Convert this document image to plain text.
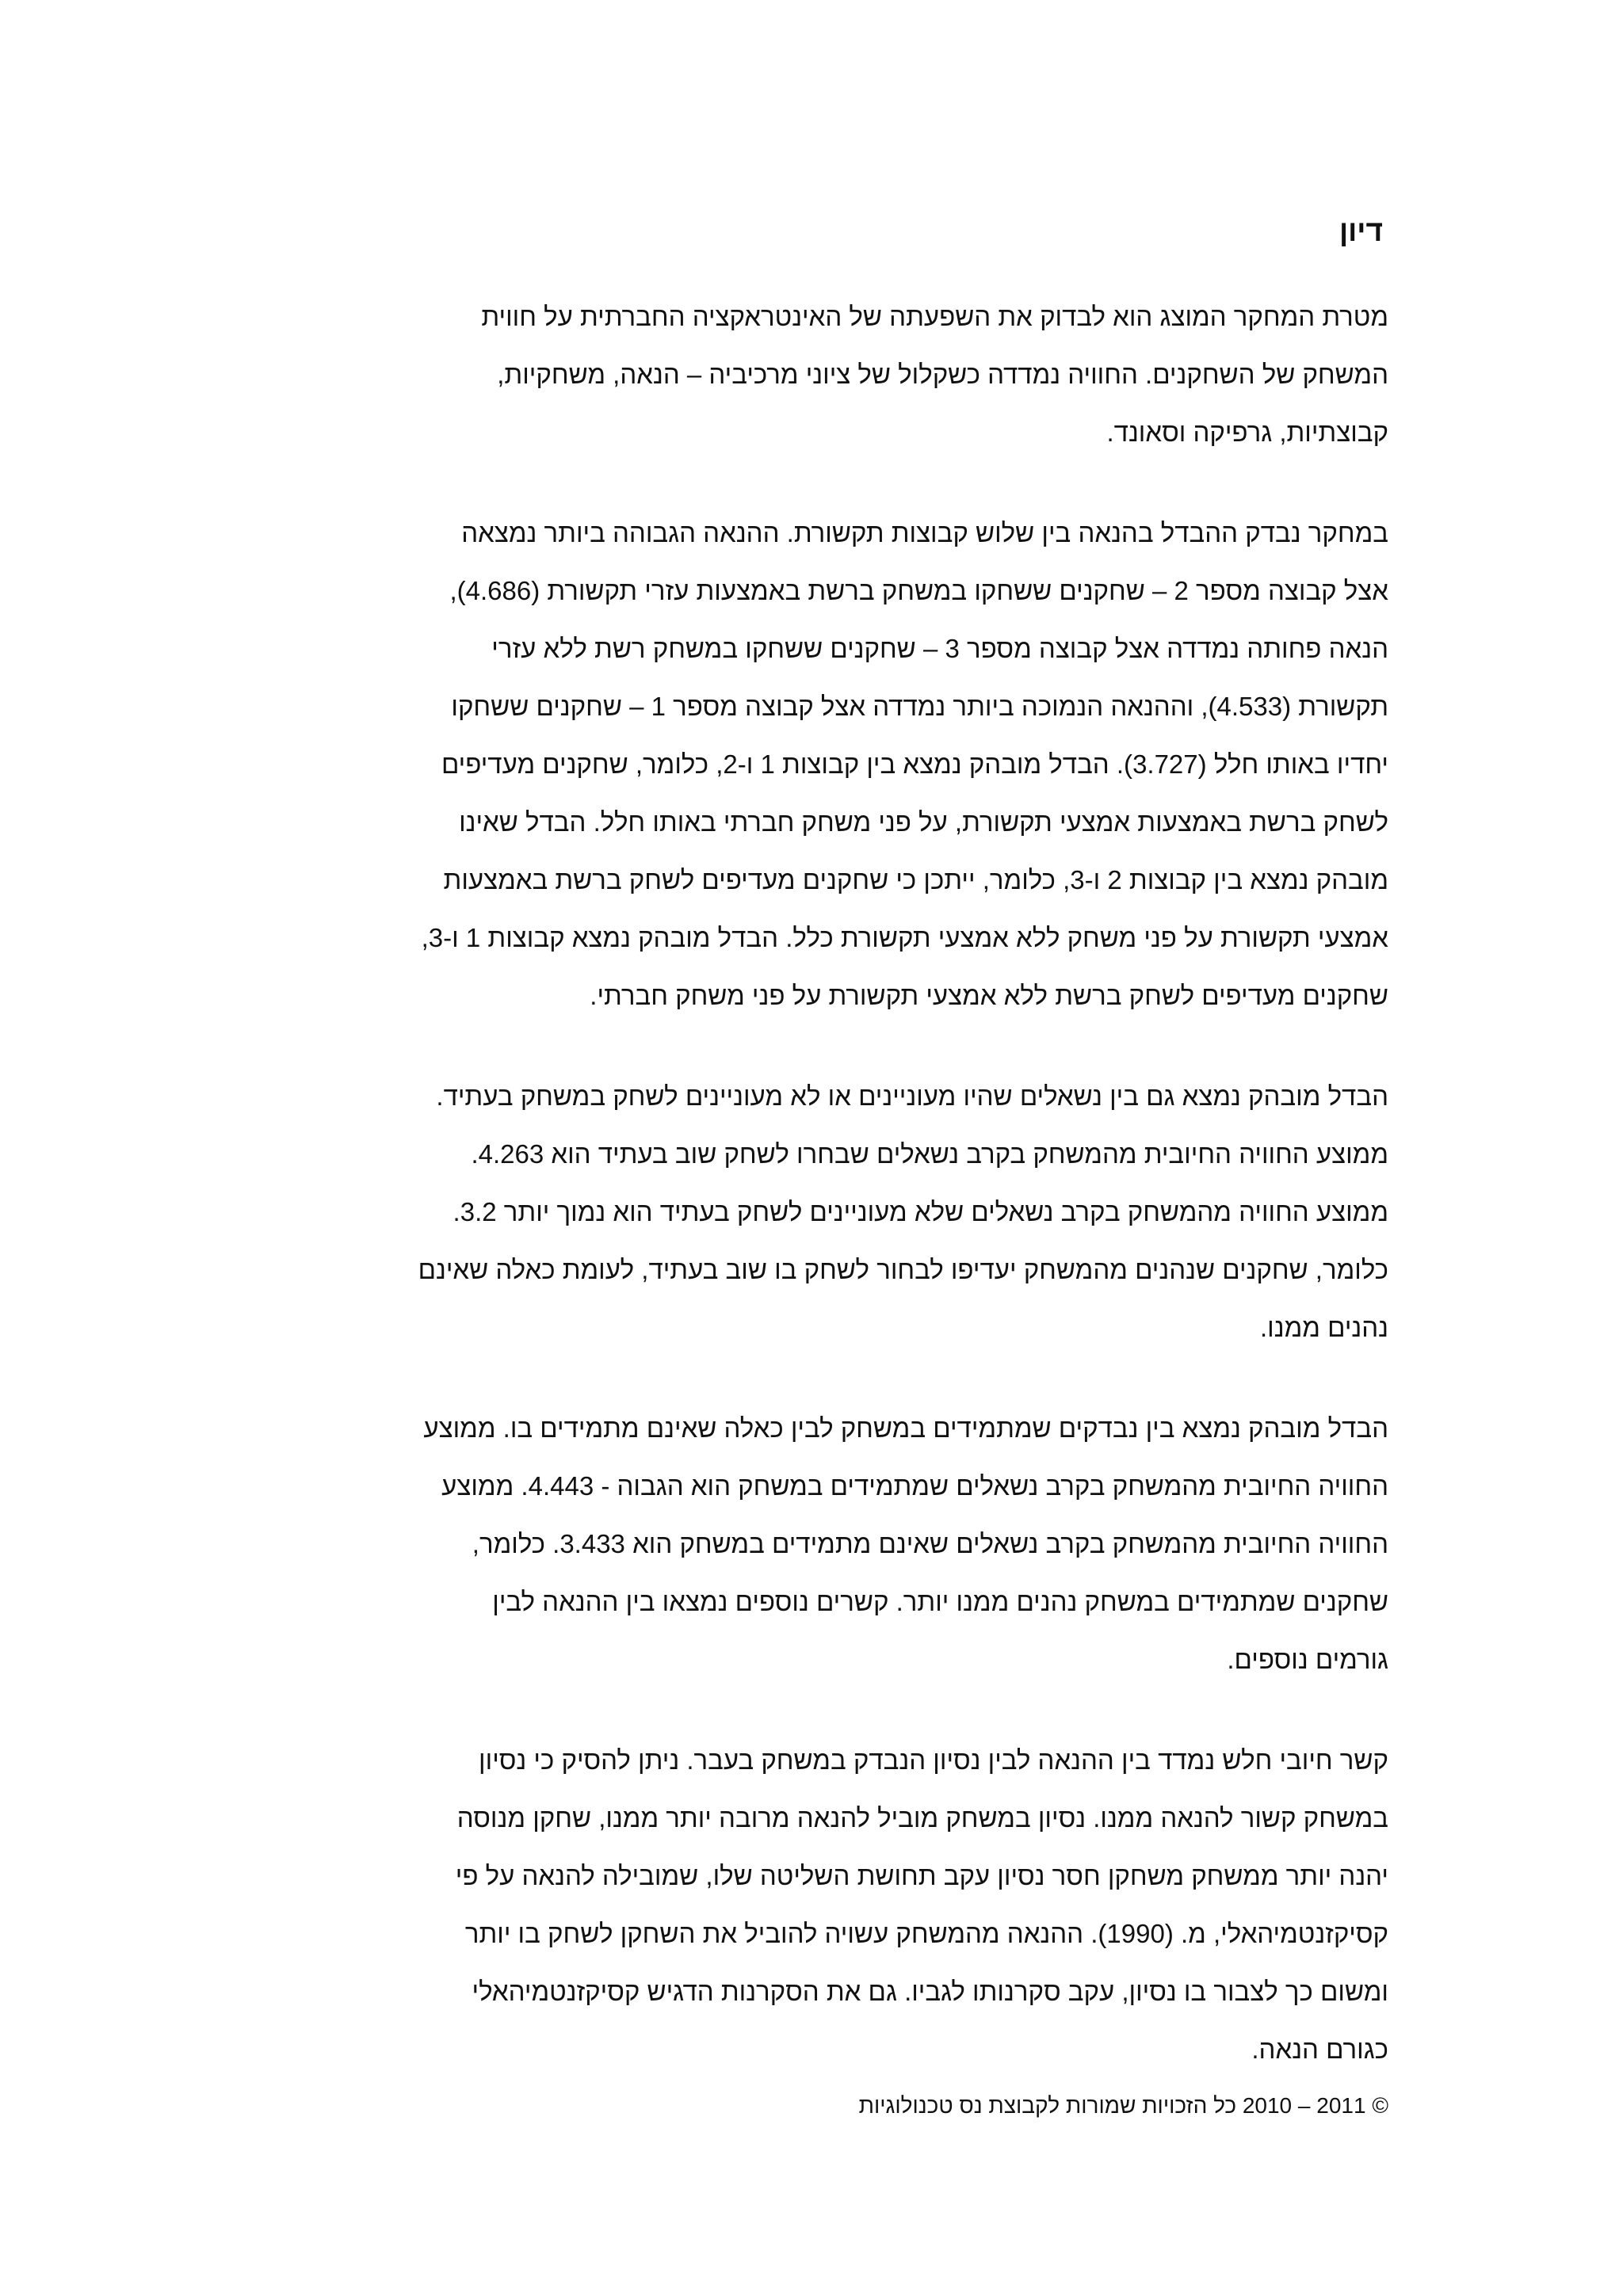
דיון

מטרת המחקר המוצג הוא לבדוק את השפעתה של האינטראקציה החברתית על חווית
המשחק של השחקנים. החוויה נמדדה כשקלול של ציוני מרכיביה – הנאה, משחקיות,
קבוצתיות, גרפיקה וסאונד.

במחקר נבדק ההבדל בהנאה בין שלוש קבוצות תקשורת. ההנאה הגבוהה ביותר נמצאה
אצל קבוצה מספר 2 – שחקנים ששחקו במשחק ברשת באמצעות עזרי תקשורת (4.686),
הנאה פחותה נמדדה אצל קבוצה מספר 3 – שחקנים ששחקו במשחק רשת ללא עזרי
תקשורת (4.533), וההנאה הנמוכה ביותר נמדדה אצל קבוצה מספר 1 – שחקנים ששחקו
יחדיו באותו חלל (3.727). הבדל מובהק נמצא בין קבוצות 1 ו-2, כלומר, שחקנים מעדיפים
לשחק ברשת באמצעות אמצעי תקשורת, על פני משחק חברתי באותו חלל. הבדל שאינו
מובהק נמצא בין קבוצות 2 ו-3, כלומר, ייתכן כי שחקנים מעדיפים לשחק ברשת באמצעות
אמצעי תקשורת על פני משחק ללא אמצעי תקשורת כלל. הבדל מובהק נמצא קבוצות 1 ו-3,
שחקנים מעדיפים לשחק ברשת ללא אמצעי תקשורת על פני משחק חברתי.

הבדל מובהק נמצא גם בין נשאלים שהיו מעוניינים או לא מעוניינים לשחק במשחק בעתיד.
ממוצע החוויה החיובית מהמשחק בקרב נשאלים שבחרו לשחק שוב בעתיד הוא 4.263.
ממוצע החוויה מהמשחק בקרב נשאלים שלא מעוניינים לשחק בעתיד הוא נמוך יותר 3.2.
כלומר, שחקנים שנהנים מהמשחק יעדיפו לבחור לשחק בו שוב בעתיד, לעומת כאלה שאינם
נהנים ממנו.

הבדל מובהק נמצא בין נבדקים שמתמידים במשחק לבין כאלה שאינם מתמידים בו. ממוצע
החוויה החיובית מהמשחק בקרב נשאלים שמתמידים במשחק הוא הגבוה - 4.443. ממוצע
החוויה החיובית מהמשחק בקרב נשאלים שאינם מתמידים במשחק הוא 3.433. כלומר,
שחקנים שמתמידים במשחק נהנים ממנו יותר. קשרים נוספים נמצאו בין ההנאה לבין
גורמים נוספים.

קשר חיובי חלש נמדד בין ההנאה לבין נסיון הנבדק במשחק בעבר. ניתן להסיק כי נסיון
במשחק קשור להנאה ממנו. נסיון במשחק מוביל להנאה מרובה יותר ממנו, שחקן מנוסה
יהנה יותר ממשחק משחקן חסר נסיון עקב תחושת השליטה שלו, שמובילה להנאה על פי
קסיקזנטמיהאלי, מ. (1990). ההנאה מהמשחק עשויה להוביל את השחקן לשחק בו יותר
ומשום כך לצבור בו נסיון, עקב סקרנותו לגביו. גם את הסקרנות הדגיש קסיקזנטמיהאלי
כגורם הנאה.

© 2011 – 2010 כל הזכויות שמורות לקבוצת נס טכנולוגיות
